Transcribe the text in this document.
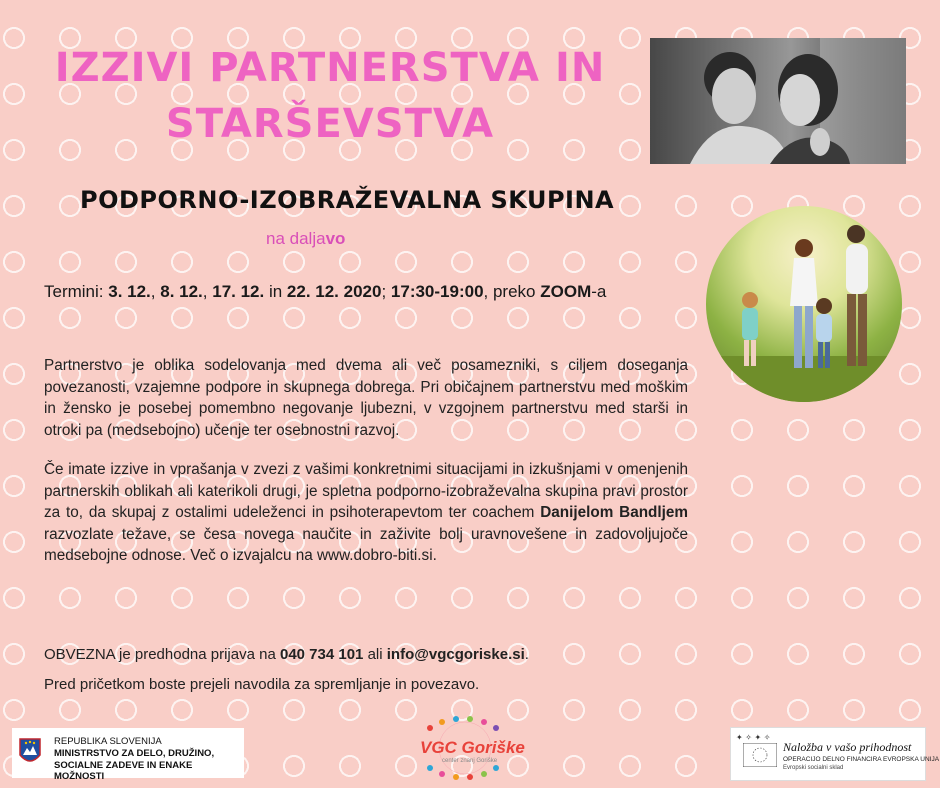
IZZIVI PARTNERSTVA IN
STARŠEVSTVA
PODPORNO-IZOBRAŽEVALNA SKUPINA
na daljavo
Termini: 3. 12., 8. 12., 17. 12. in 22. 12. 2020; 17:30-19:00, preko ZOOM-a
Partnerstvo je oblika sodelovanja med dvema ali več posamezniki, s ciljem doseganja povezanosti, vzajemne podpore in skupnega dobrega. Pri običajnem partnerstvu med moškim in žensko je posebej pomembno negovanje ljubezni, v vzgojnem partnerstvu med starši in otroki pa (medsebojno) učenje ter osebnostni razvoj.
Če imate izzive in vprašanja v zvezi z vašimi konkretnimi situacijami in izkušnjami v omenjenih partnerskih oblikah ali katerikoli drugi, je spletna podporno-izobraževalna skupina pravi prostor za to, da skupaj z ostalimi udeleženci in psihoterapevtom ter coachem Danijelom Bandljem razvozlate težave, se česa novega naučite in zaživite bolj uravnovešene in zadovoljujoče medsebojne odnose. Več o izvajalcu na www.dobro-biti.si.
OBVEZNA je predhodna prijava na 040 734 101 ali info@vgcgoriske.si.
Pred pričetkom boste prejeli navodila za spremljanje in povezavo.
REPUBLIKA SLOVENIJA
MINISTRSTVO ZA DELO, DRUŽINO,
SOCIALNE ZADEVE IN ENAKE MOŽNOSTI
VGC Goriške
center znanj Goriške
✦ ✧ ✦ ✧
Naložba v vašo prihodnost
OPERACIJO DELNO FINANCIRA EVROPSKA UNIJA
Evropski socialni sklad
